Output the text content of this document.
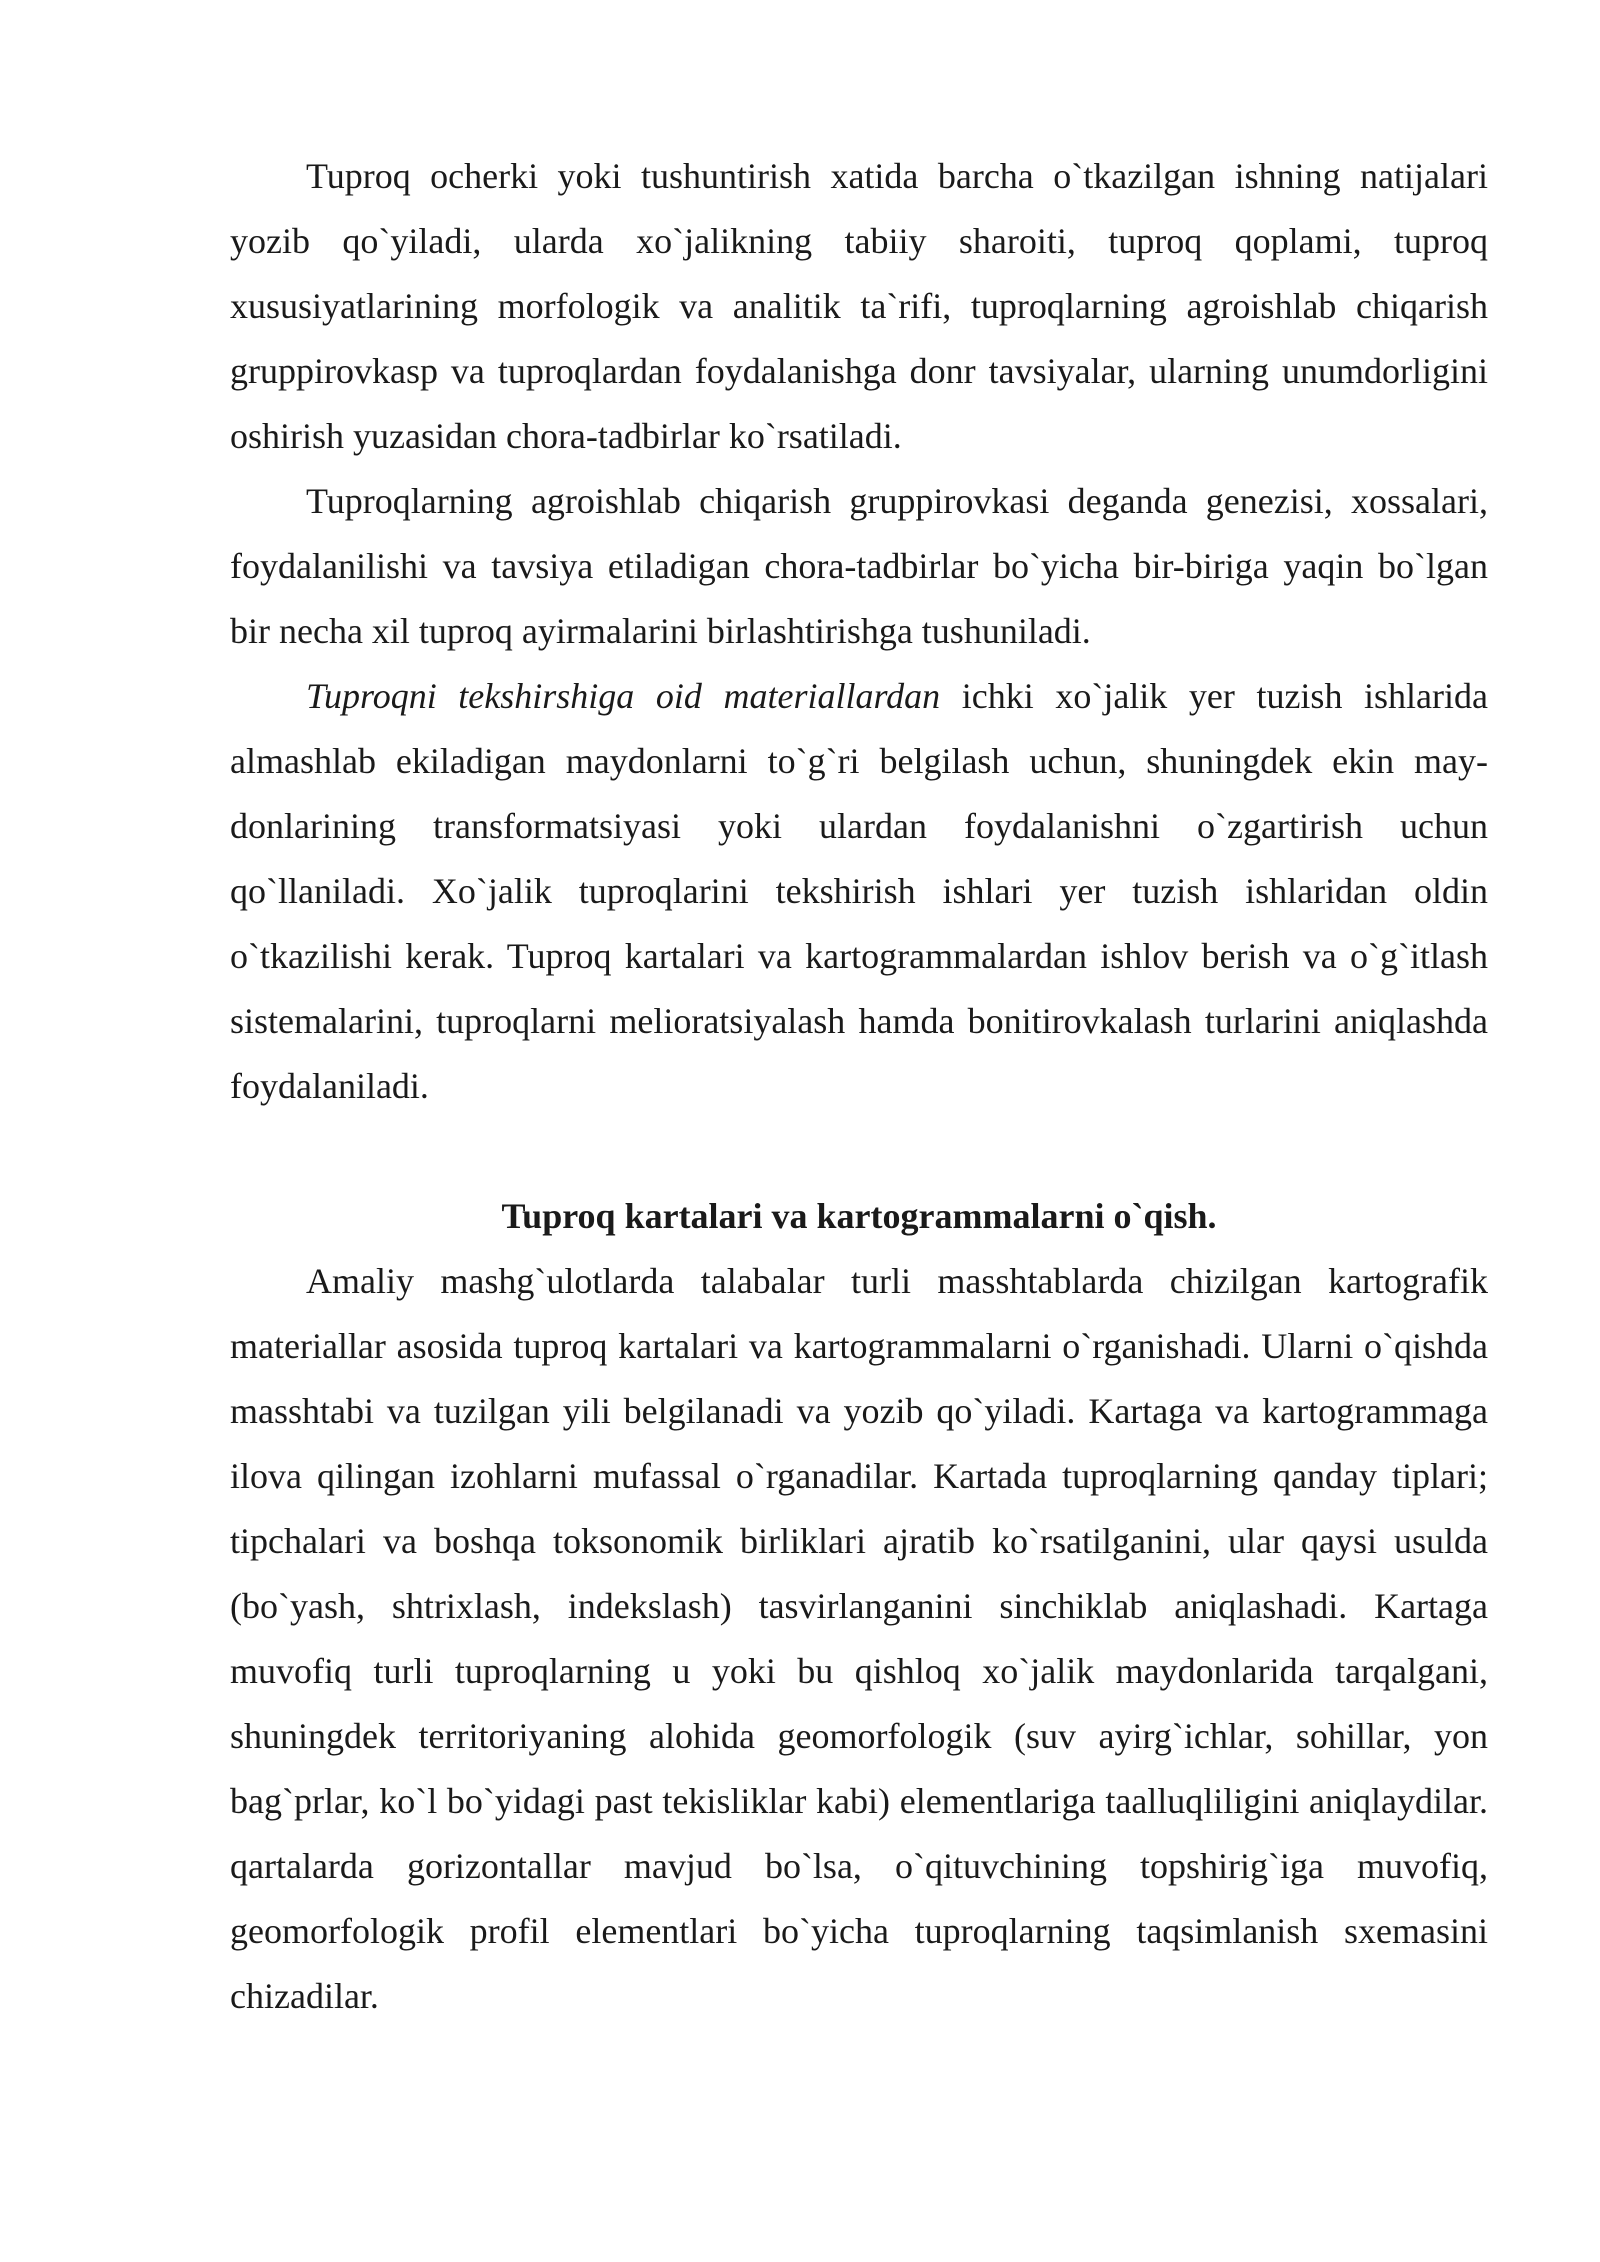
Tuproq ocherki yoki tushuntirish xatida barcha o`tkazilgan ishning natijalari yozib qo`yiladi, ularda xo`jalikning tabiiy sharoiti, tuproq qoplami, tuproq xususiyatlarining morfologik va analitik ta`rifi, tuproqlarning agroishlab chiqarish gruppirovkasp va tuproqlardan foydalanishga donr tavsiyalar, ularning unumdorligini oshirish yuzasidan chora-tadbirlar ko`rsatiladi.

Tuproqlarning agroishlab chiqarish gruppirovkasi deganda genezisi, xossalari, foydalanilishi va tavsiya etiladigan chora-tadbirlar bo`yicha bir-biriga yaqin bo`lgan bir necha xil tuproq ayirmalarini birlashtirishga tushuniladi.

Tuproqni tekshirshiga oid materiallardan ichki xo`jalik yer tuzish ishlarida almashlab ekiladigan maydonlarni to`g`ri belgilash uchun, shuningdek ekin may-donlarining transformatsiyasi yoki ulardan foydalanishni o`zgartirish uchun qo`llaniladi. Xo`jalik tuproqlarini tekshirish ishlari yer tuzish ishlaridan oldin o`tkazilishi kerak. Tuproq kartalari va kartogrammalardan ishlov berish va o`g`itlash sistemalarini, tuproqlarni melioratsiyalash hamda bonitirovkalash turlarini aniqlashda foydalaniladi.

Tuproq kartalari va kartogrammalarni o`qish.

Amaliy mashg`ulotlarda talabalar turli masshtablarda chizilgan kartografik materiallar asosida tuproq kartalari va kartogrammalarni o`rganishadi. Ularni o`qishda masshtabi va tuzilgan yili belgilanadi va yozib qo`yiladi. Kartaga va kartogrammaga ilova qilingan izohlarni mufassal o`rganadilar. Kartada tuproqlarning qanday tiplari; tipchalari va boshqa toksonomik birliklari ajratib ko`rsatilganini, ular qaysi usulda (bo`yash, shtrixlash, indekslash) tasvirlanganini sinchiklab aniqlashadi. Kartaga muvofiq turli tuproqlarning u yoki bu qishloq xo`jalik maydonlarida tarqalgani, shuningdek territoriyaning alohida geomorfologik (suv ayirg`ichlar, sohillar, yon bag`prlar, ko`l bo`yidagi past tekisliklar kabi) elementlariga taalluqliligini aniqlaydilar. qartalarda gorizontallar mavjud bo`lsa, o`qituvchining topshirig`iga muvofiq, geomorfologik profil elementlari bo`yicha tuproqlarning taqsimlanish sxemasini chizadilar.
